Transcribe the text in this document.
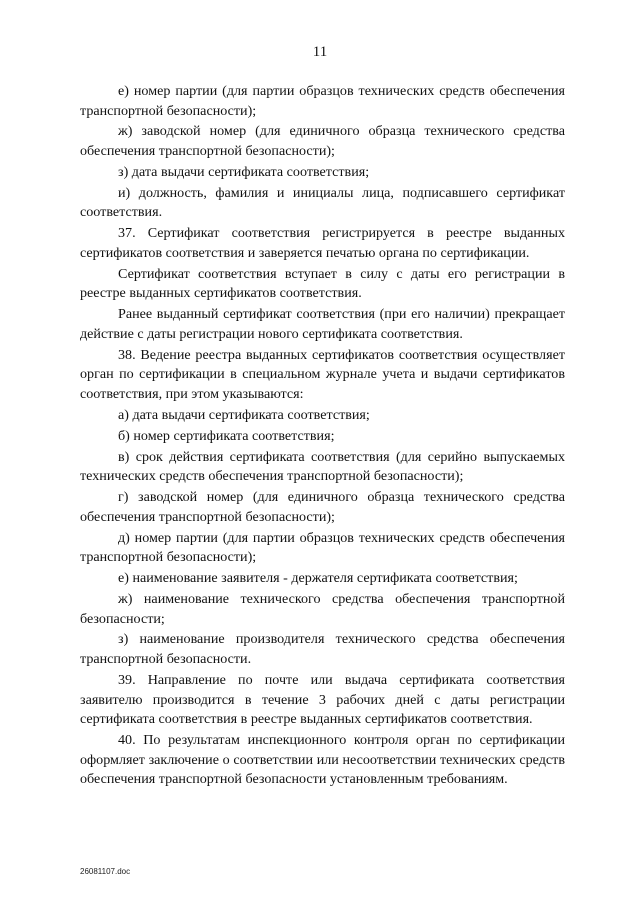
11

е) номер партии (для партии образцов технических средств обеспечения транспортной безопасности);

ж) заводской номер (для единичного образца технического средства обеспечения транспортной безопасности);

з) дата выдачи сертификата соответствия;

и) должность, фамилия и инициалы лица, подписавшего сертификат соответствия.

37. Сертификат соответствия регистрируется в реестре выданных сертификатов соответствия и заверяется печатью органа по сертификации.

Сертификат соответствия вступает в силу с даты его регистрации в реестре выданных сертификатов соответствия.

Ранее выданный сертификат соответствия (при его наличии) прекращает действие с даты регистрации нового сертификата соответствия.

38. Ведение реестра выданных сертификатов соответствия осуществляет орган по сертификации в специальном журнале учета и выдачи сертификатов соответствия, при этом указываются:

а) дата выдачи сертификата соответствия;

б) номер сертификата соответствия;

в) срок действия сертификата соответствия (для серийно выпускаемых технических средств обеспечения транспортной безопасности);

г) заводской номер (для единичного образца технического средства обеспечения транспортной безопасности);

д) номер партии (для партии образцов технических средств обеспечения транспортной безопасности);

е) наименование заявителя - держателя сертификата соответствия;

ж) наименование технического средства обеспечения транспортной безопасности;

з) наименование производителя технического средства обеспечения транспортной безопасности.

39. Направление по почте или выдача сертификата соответствия заявителю производится в течение 3 рабочих дней с даты регистрации сертификата соответствия в реестре выданных сертификатов соответствия.

40. По результатам инспекционного контроля орган по сертификации оформляет заключение о соответствии или несоответствии технических средств обеспечения транспортной безопасности установленным требованиям.

26081107.doc
